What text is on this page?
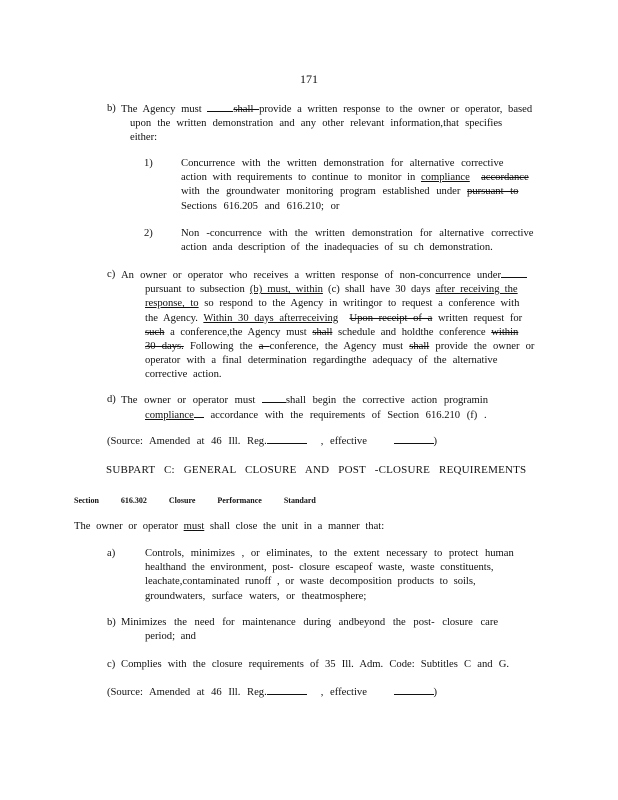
171
b) The Agency must shall provide a written response to the owner or operator, based
upon the written demonstration and any other relevant information,that specifies
either:
1)	Concurrence with the written demonstration for alternative corrective
action with requirements to continue to monitor in compliance accordance
with the groundwater monitoring program established under pursuant to
Sections 616.205 and 616.210; or
2)	Non -concurrence with the written demonstration for alternative corrective
action anda description of the inadequacies of su ch demonstration.
c) An owner or operator who receives a written response of non-concurrence under
pursuant to subsection (b) must, within (c) shall have 30 days after receiving the
response, to so respond to the Agency in writingor to request a conference with
the Agency. Within 30 days afterreceiving Upon receipt of a written request for
such a conference,the Agency must shall schedule and holdthe conference within
30 days. Following the a conference, the Agency must shall provide the owner or
operator with a final determination regardingthe adequacy of the alternative
corrective action.
d) The owner or operator must shall begin the corrective action programin
compliance accordance with the requirements of Section 616.210 (f) .
(Source: Amended at 46 Ill. Reg.	, effective	)
SUBPART C: GENERAL CLOSURE AND POST -CLOSURE REQUIREMENTS
Section	616.302	Closure	Performance	Standard
The owner or operator must shall close the unit in a manner that:
a)	Controls, minimizes , or eliminates, to the extent necessary to protect human
healthand the environment, post- closure escapeof waste, waste constituents,
leachate,contaminated runoff , or waste decomposition products to soils,
groundwaters, surface waters, or theatmosphere;
b) Minimizes the need for maintenance during andbeyond the post- closure care
period; and
c) Complies with the closure requirements of 35 Ill. Adm. Code: Subtitles C and G.
(Source: Amended at 46 Ill. Reg.	, effective	)
